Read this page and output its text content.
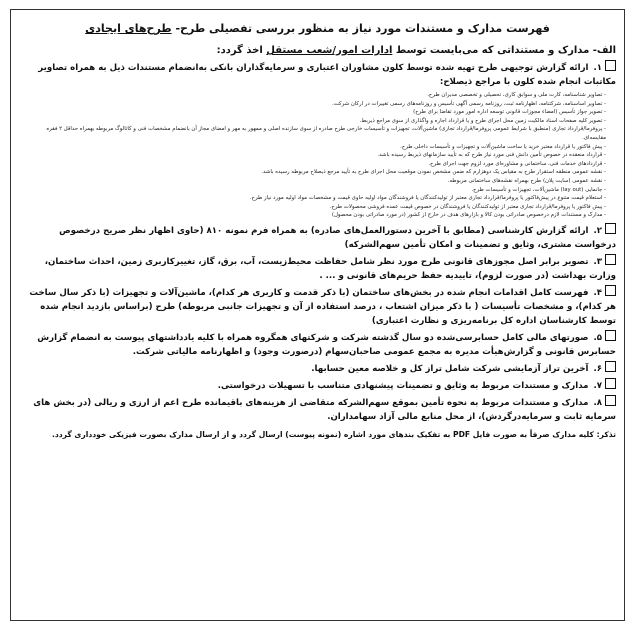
فهرست مدارک و مستندات مورد نیاز به منظور بررسی تفصیلی طرح- طرح‌های ایجادی
الف- مدارک و مستنداتی که می‌بایست توسط ادارات امور/شعب مستقل اخذ گردد:
۱. ارائه گزارش توجیهی طرح تهیه شده توسط کلون مشاوران اعتباری و سرمایه‌گذاران بانکی به‌انضمام مستندات ذیل به همراه تصاویر مکاتبات انجام شده کلون با مراجع ذیصلاح:
- تصاویر شناسنامه، کارت ملی و سوابق کاری، تحصیلی و تخصصی مدیران طرح.
- تصاویر اساسنامه، شرکتنامه، اظهارنامه ثبت، روزنامه رسمی آگهی تأسیس و روزنامه‌های رسمی تغییرات در ارکان شرکت.
- تصویر جواز تأسیس (امضاء مجوزات قانونی توسعه اداره امور مورد تقاضا برای طرح)
- تصویر کلیه صفحات اسناد مالکیت زمین محل اجرای طرح و یا قرارداد اجاره و واگذاری از سوی مراجع ذیربط.
- پروفرما/قرارداد تجاری (منطبق با شرایط عمومی پروفرما/قرارداد تجاری) ماشین‌آلات، تجهیزات و تأسیسات خارجی طرح صادره از سوی سازنده اصلی و ممهور به مهر و امضای مجاز آن بانضمام مشخصات فنی و کاتالوگ مربوطه بهمراه حداقل ۲ فقره مقایسه‌ای.
- پیش فاکتور یا قرارداد معتبر خرید یا ساخت ماشین‌آلات و تجهیزات و تأسیسات داخلی طرح.
- قرارداد منعقده در خصوص تأمین دانش فنی مورد نیاز طرح که به تأیید سازمانهای ذیربط رسیده باشد.
- قراردادهای خدمات فنی، ساختمانی و مشاوره‌ای مورد لزوم جهت اجرای طرح.
- نقشه عمومی منطقه استقرار طرح به مقیاس یک دوهزارم که ضمن مشخص نمودن موقعیت محل اجرای طرح به تأیید مرجع ذیصلاح مربوطه رسیده باشد.
- نقشه عمومی (سایت پلان) طرح بهمراه نقشه‌های ساختمانی مربوطه.
- جانمایی (lay out) ماشین‌آلات، تجهیزات و تأسیسات طرح.
- استعلام قیمت متنوع در پیش‌فاکتور یا پروفرما/قرارداد تجاری معتبر از تولیدکنندگان یا فروشندگان مواد اولیه حاوی قیمت و مشخصات مواد اولیه مورد نیاز طرح.
- پیش فاکتور یا پروفرما/قرارداد تجاری معتبر از تولیدکنندگان یا فروشندگان در خصوص قیمت عمده فروشی محصولات طرح.
- مدارک و مستندات لازم درخصوص صادراتی بودن کالا و بازارهای هدف در خارج از کشور (در مورد صادراتی بودن محصول)
۲. ارائه گزارش کارشناسی (مطابق با آخرین دستورالعمل‌های صادره) به همراه فرم نمونه ۸۱۰ (حاوی اظهار نظر صریح درخصوص درخواست مشتری، وثایق و تضمینات و امکان تأمین سهم‌الشرکه)
۳. تصویر برابر اصل مجوزهای قانونی طرح مورد نظر شامل حفاظت محیط‌زیست، آب، برق، گاز، تغییرکاربری زمین، احداث ساختمان، وزارت بهداشت (در صورت لزوم)، تاییدیه حفظ حریم‌های قانونی و ... .
۴. فهرست کامل اقدامات انجام شده در بخش‌های ساختمان (با ذکر قدمت و کاربری هر کدام)، ماشین‌آلات و تجهیزات (با ذکر سال ساخت هر کدام)، و مشخصات تأسیسات ( با ذکر میزان اشتعاب ، درصد استفاده از آن و تجهیزات جانبی مربوطه) طرح (براساس بازدید انجام شده توسط کارشناسان اداره کل برنامه‌ریزی و نظارت اعتباری)
۵. صورتهای مالی کامل حسابرسی‌شده دو سال گذشته شرکت و شرکتهای همگروه همراه با کلیه یادداشتهای پیوست به انضمام گزارش حسابرس قانونی و گزارش‌هیأت مدیره به مجمع عمومی صاحبان‌سهام (درصورت وجود) و اظهارنامه مالیاتی شرکت.
۶. آخرین تراز آزمایشی شرکت شامل تراز کل و خلاصه معین حسابها.
۷. مدارک و مستندات مربوط به وثایق و تضمینات پیشنهادی متناسب با تسهیلات درخواستی.
۸. مدارک و مستندات مربوط به نحوه تأمین بموقع سهم‌الشرکه متقاضی از هزینه‌های باقیمانده طرح اعم از ارزی و ریالی (در بخش های سرمایه ثابت و سرمایه‌درگردش)، از محل منابع مالی آزاد سهامداران.
تذکر: کلیه مدارک صرفاً به صورت فایل PDF به تفکیک بندهای مورد اشاره (نمونه پیوست) ارسال گردد و از ارسال مدارک بصورت فیزیکی خودداری گردد.
